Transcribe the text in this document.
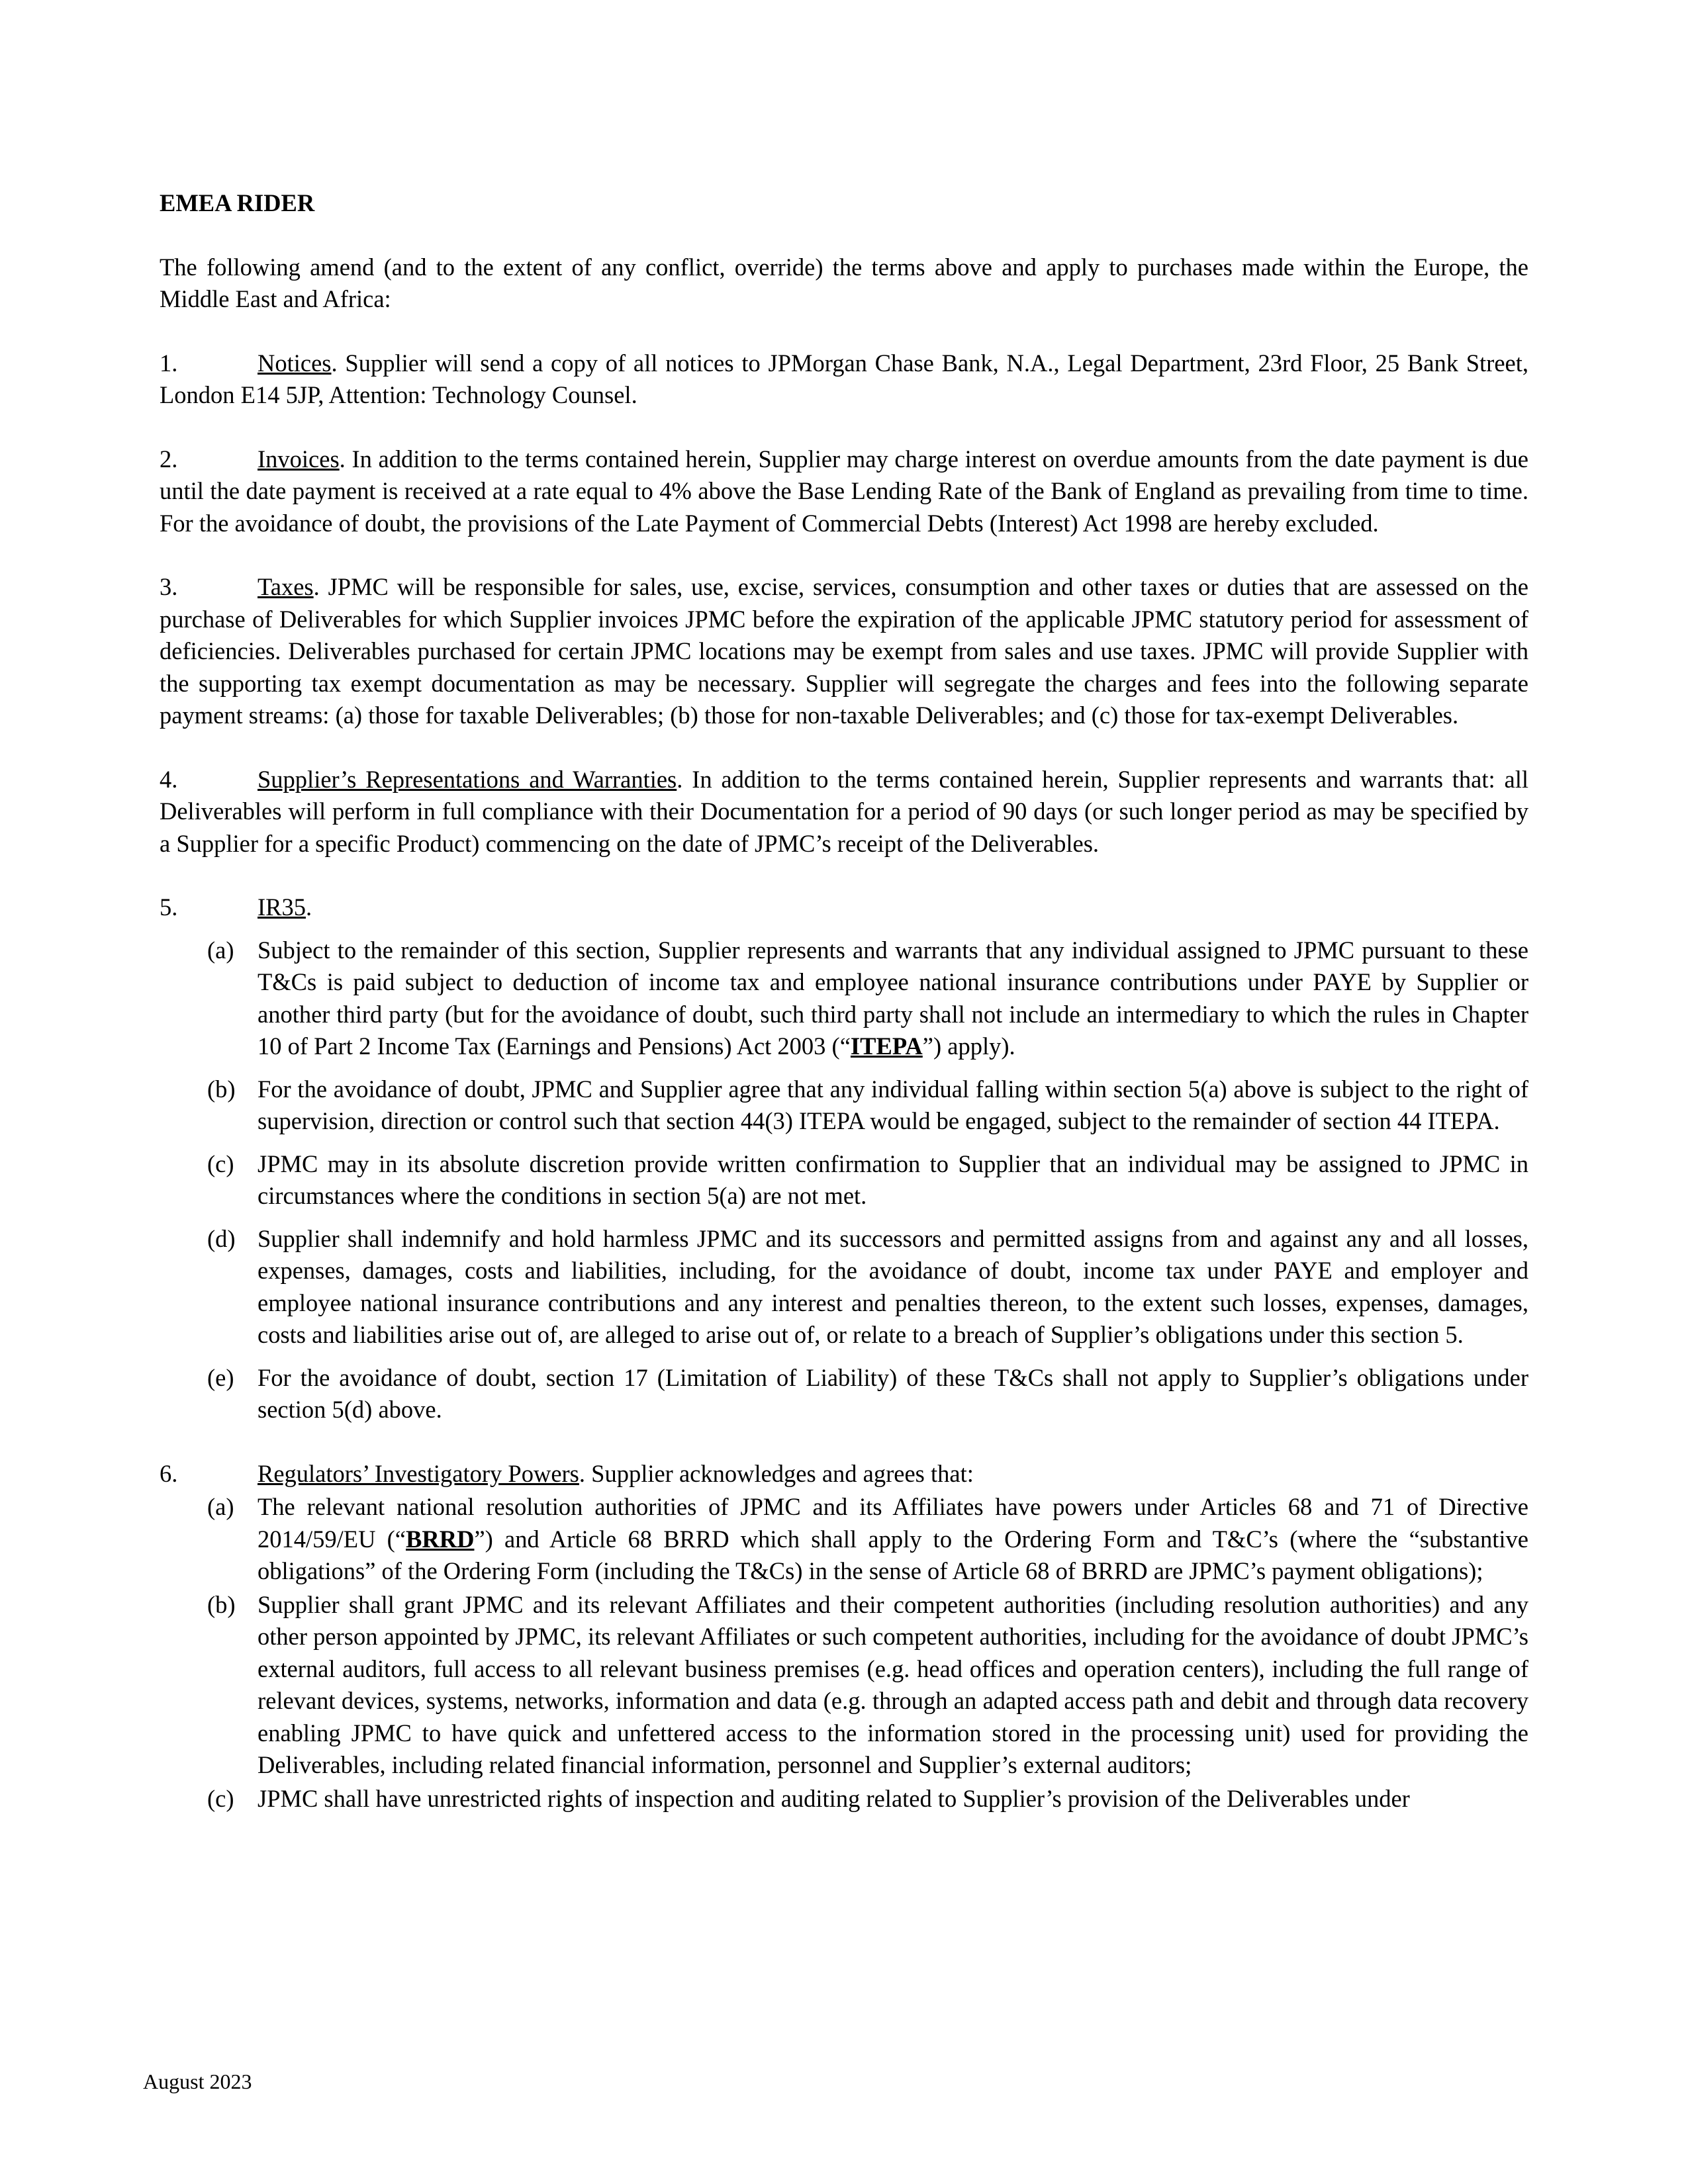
EMEA RIDER

The following amend (and to the extent of any conflict, override) the terms above and apply to purchases made within the Europe, the Middle East and Africa:

1.	Notices. Supplier will send a copy of all notices to JPMorgan Chase Bank, N.A., Legal Department, 23rd Floor, 25 Bank Street, London E14 5JP, Attention: Technology Counsel.

2.	Invoices. In addition to the terms contained herein, Supplier may charge interest on overdue amounts from the date payment is due until the date payment is received at a rate equal to 4% above the Base Lending Rate of the Bank of England as prevailing from time to time. For the avoidance of doubt, the provisions of the Late Payment of Commercial Debts (Interest) Act 1998 are hereby excluded.

3.	Taxes. JPMC will be responsible for sales, use, excise, services, consumption and other taxes or duties that are assessed on the purchase of Deliverables for which Supplier invoices JPMC before the expiration of the applicable JPMC statutory period for assessment of deficiencies. Deliverables purchased for certain JPMC locations may be exempt from sales and use taxes. JPMC will provide Supplier with the supporting tax exempt documentation as may be necessary. Supplier will segregate the charges and fees into the following separate payment streams: (a) those for taxable Deliverables; (b) those for non-taxable Deliverables; and (c) those for tax-exempt Deliverables.

4.	Supplier’s Representations and Warranties. In addition to the terms contained herein, Supplier represents and warrants that: all Deliverables will perform in full compliance with their Documentation for a period of 90 days (or such longer period as may be specified by a Supplier for a specific Product) commencing on the date of JPMC’s receipt of the Deliverables.

5.	IR35.

(a) Subject to the remainder of this section, Supplier represents and warrants that any individual assigned to JPMC pursuant to these T&Cs is paid subject to deduction of income tax and employee national insurance contributions under PAYE by Supplier or another third party (but for the avoidance of doubt, such third party shall not include an intermediary to which the rules in Chapter 10 of Part 2 Income Tax (Earnings and Pensions) Act 2003 (“ITEPA”) apply).
(b) For the avoidance of doubt, JPMC and Supplier agree that any individual falling within section 5(a) above is subject to the right of supervision, direction or control such that section 44(3) ITEPA would be engaged, subject to the remainder of section 44 ITEPA.
(c) JPMC may in its absolute discretion provide written confirmation to Supplier that an individual may be assigned to JPMC in circumstances where the conditions in section 5(a) are not met.
(d) Supplier shall indemnify and hold harmless JPMC and its successors and permitted assigns from and against any and all losses, expenses, damages, costs and liabilities, including, for the avoidance of doubt, income tax under PAYE and employer and employee national insurance contributions and any interest and penalties thereon, to the extent such losses, expenses, damages, costs and liabilities arise out of, are alleged to arise out of, or relate to a breach of Supplier’s obligations under this section 5.
(e) For the avoidance of doubt, section 17 (Limitation of Liability) of these T&Cs shall not apply to Supplier’s obligations under section 5(d) above.

6.	Regulators’ Investigatory Powers. Supplier acknowledges and agrees that:

(a) The relevant national resolution authorities of JPMC and its Affiliates have powers under Articles 68 and 71 of Directive 2014/59/EU (“BRRD”) and Article 68 BRRD which shall apply to the Ordering Form and T&C’s (where the “substantive obligations” of the Ordering Form (including the T&Cs) in the sense of Article 68 of BRRD are JPMC’s payment obligations);
(b) Supplier shall grant JPMC and its relevant Affiliates and their competent authorities (including resolution authorities) and any other person appointed by JPMC, its relevant Affiliates or such competent authorities, including for the avoidance of doubt JPMC’s external auditors, full access to all relevant business premises (e.g. head offices and operation centers), including the full range of relevant devices, systems, networks, information and data (e.g. through an adapted access path and debit and through data recovery enabling JPMC to have quick and unfettered access to the information stored in the processing unit) used for providing the Deliverables, including related financial information, personnel and Supplier’s external auditors;
(c) JPMC shall have unrestricted rights of inspection and auditing related to Supplier’s provision of the Deliverables under
August 2023
